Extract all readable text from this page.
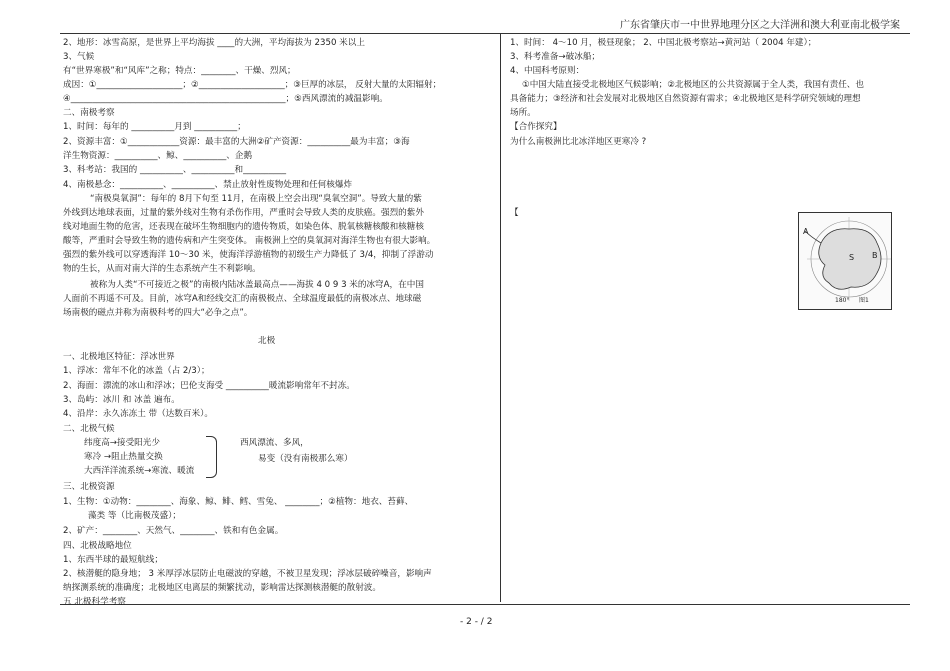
广东省肇庆市一中世界地理分区之大洋洲和澳大利亚南北极学案
2、地形：冰雪高原，是世界上平均海拔 ____的大洲，平均海拔为 2350 米以上
3、气候
有“世界寒极”和“风库”之称；特点：________、干燥、烈风；
成因：①____________________；②____________________；③巨厚的冰层， 反射大量的太阳辐射；
④__________________________________________________；⑤西风漂流的减温影响。
二、南极考察
1、时间：每年的 __________月到 __________；
2、资源丰富：①____________资源：最丰富的大洲②矿产资源：__________最为丰富；③海
洋生物资源：__________、鲸、__________、企鹅
3、科考站：我国的 __________、__________和__________
4、南极悬念：__________、__________、禁止放射性废物处理和任何核爆炸
“南极臭氧洞”：每年的 8月下旬至 11月，在南极上空会出现“臭氧空洞”。导致大量的紫
外线到达地球表面，过量的紫外线对生物有杀伤作用，严重时会导致人类的皮肤癌。强烈的紫外
线对地面生物的危害，还表现在破坏生物细胞内的遗传物质，如染色体、脱氧核糖核酸和核糖核
酸等，严重时会导致生物的遗传病和产生突变体。 南极洲上空的臭氧洞对海洋生物也有很大影响。
强烈的紫外线可以穿透海洋 10～30 米，使海洋浮游植物的初级生产力降低了 3/4，抑制了浮游动
物的生长，从而对南大洋的生态系统产生不利影响。
被称为人类“不可接近之极”的南极内陆冰盖最高点——海拔 4 0 9 3 米的冰穹A，在中国
人面前不再遥不可及。目前，冰穹A和经线交汇的南极极点、全球温度最低的南极冰点、地球磁
场南极的磁点并称为南极科考的四大“必争之点”。
北极
一、北极地区特征：浮冰世界
1、浮冰：常年不化的冰盖（占 2/3）；
2、海面：漂流的冰山和浮冰；巴伦支海受 __________暖流影响常年不封冻。
3、岛屿：冰川 和 冰盖 遍布。
4、沿岸：永久冻冻土 带（达数百米）。
二、北极气候
纬度高→接受阳光少
寒冷 →阻止热量交换
大西洋洋流系统→寒流、暖流
西风漂流、多风，
易变（没有南极那么寒）
三、北极资源
1、生物：①动物：________、海象、鲸、鲱、鳕、雪兔、 ________；②植物：地衣、苔藓、
藻类 等（比南极茂盛）；
2、矿产：________、天然气、________、铁和有色金属。
四、北极战略地位
1、东西半球的最短航线；
2、核潜艇的隐身地； 3 米厚浮冰层防止电磁波的穿越，不被卫星发现；浮冰层破碎噪音，影响声
纳探测系统的准确度；北极地区电离层的频繁扰动，影响雷达探测核潜艇的散射波。
五 北极科学考察
1、时间： 4～10 月，极昼现象； 2、中国北极考察站→黄河站（ 2004 年建）；
3、科考准备→破冰船；
4、中国科考原则：
①中国大陆直接受北极地区气候影响；②北极地区的公共资源属于全人类，我国有责任、也
具备能力；③经济和社会发展对北极地区自然资源有需求；④北极地区是科学研究领域的理想
场所。
【合作探究】
为什么南极洲比北冰洋地区更寒冷 ?
【
A
B
S
180° 图1
- 2 - / 2
